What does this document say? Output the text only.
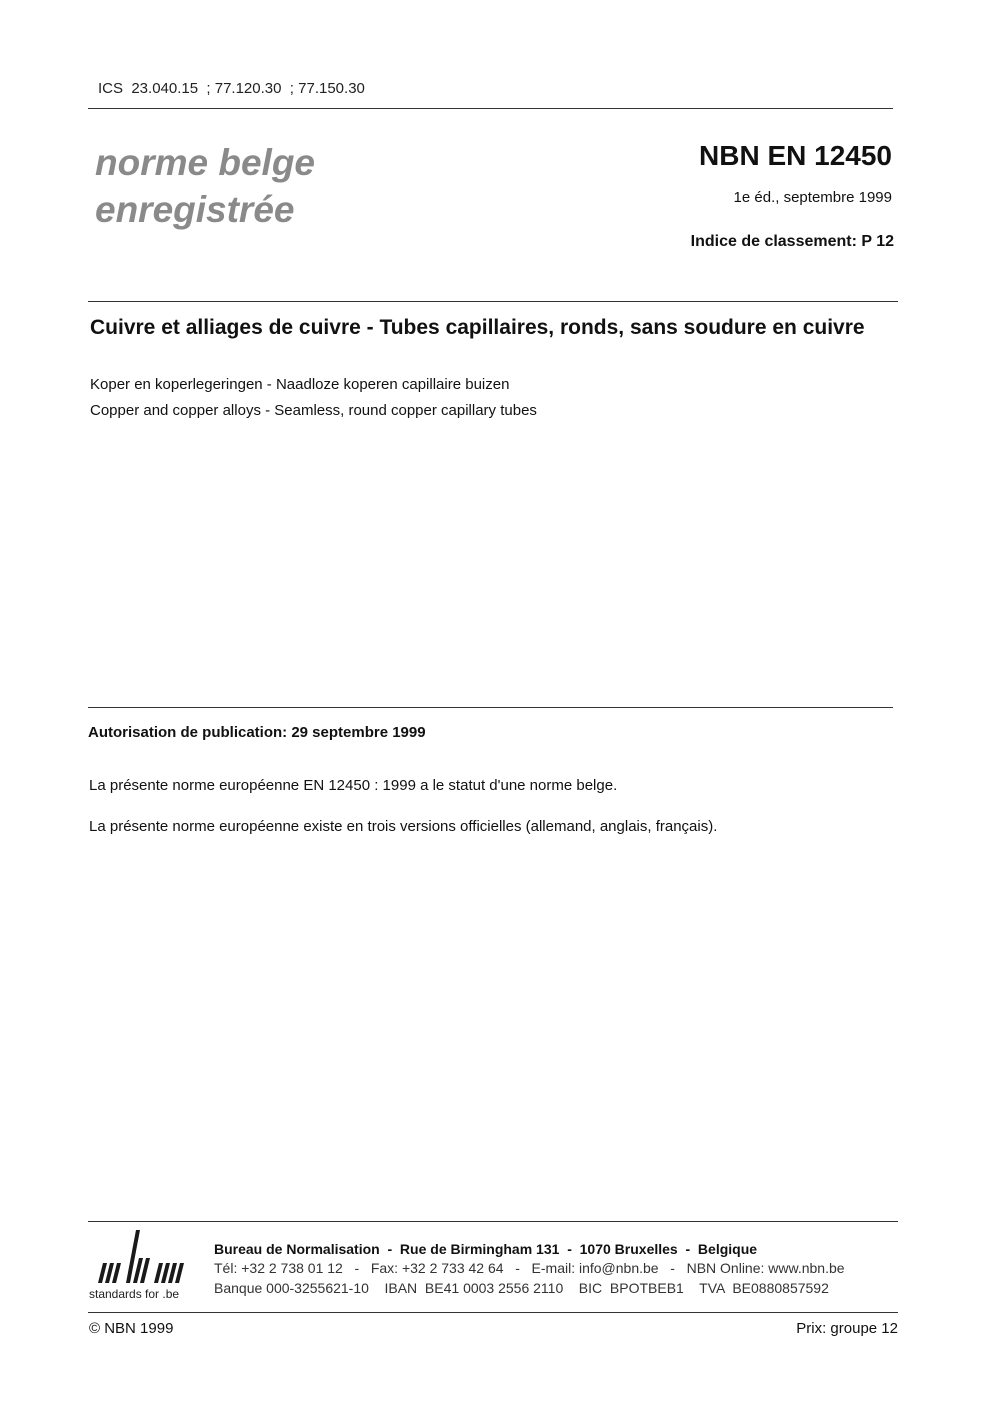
ICS  23.040.15  ; 77.120.30  ; 77.150.30
norme belge
enregistrée
NBN EN 12450
1e éd., septembre 1999
Indice de classement: P 12
Cuivre et alliages de cuivre - Tubes capillaires, ronds, sans soudure en cuivre
Koper en koperlegeringen - Naadloze koperen capillaire buizen
Copper and copper alloys - Seamless, round copper capillary tubes
Autorisation de publication: 29 septembre 1999
La présente norme européenne EN 12450 : 1999 a le statut d'une norme belge.
La présente norme européenne existe en trois versions officielles (allemand, anglais, français).
standards for .be
Bureau de Normalisation  -  Rue de Birmingham 131  -  1070 Bruxelles  -  Belgique
Tél: +32 2 738 01 12   -   Fax: +32 2 733 42 64   -   E-mail: info@nbn.be   -   NBN Online: www.nbn.be
Banque 000-3255621-10    IBAN  BE41 0003 2556 2110    BIC  BPOTBEB1    TVA  BE0880857592
© NBN 1999	Prix: groupe 12
